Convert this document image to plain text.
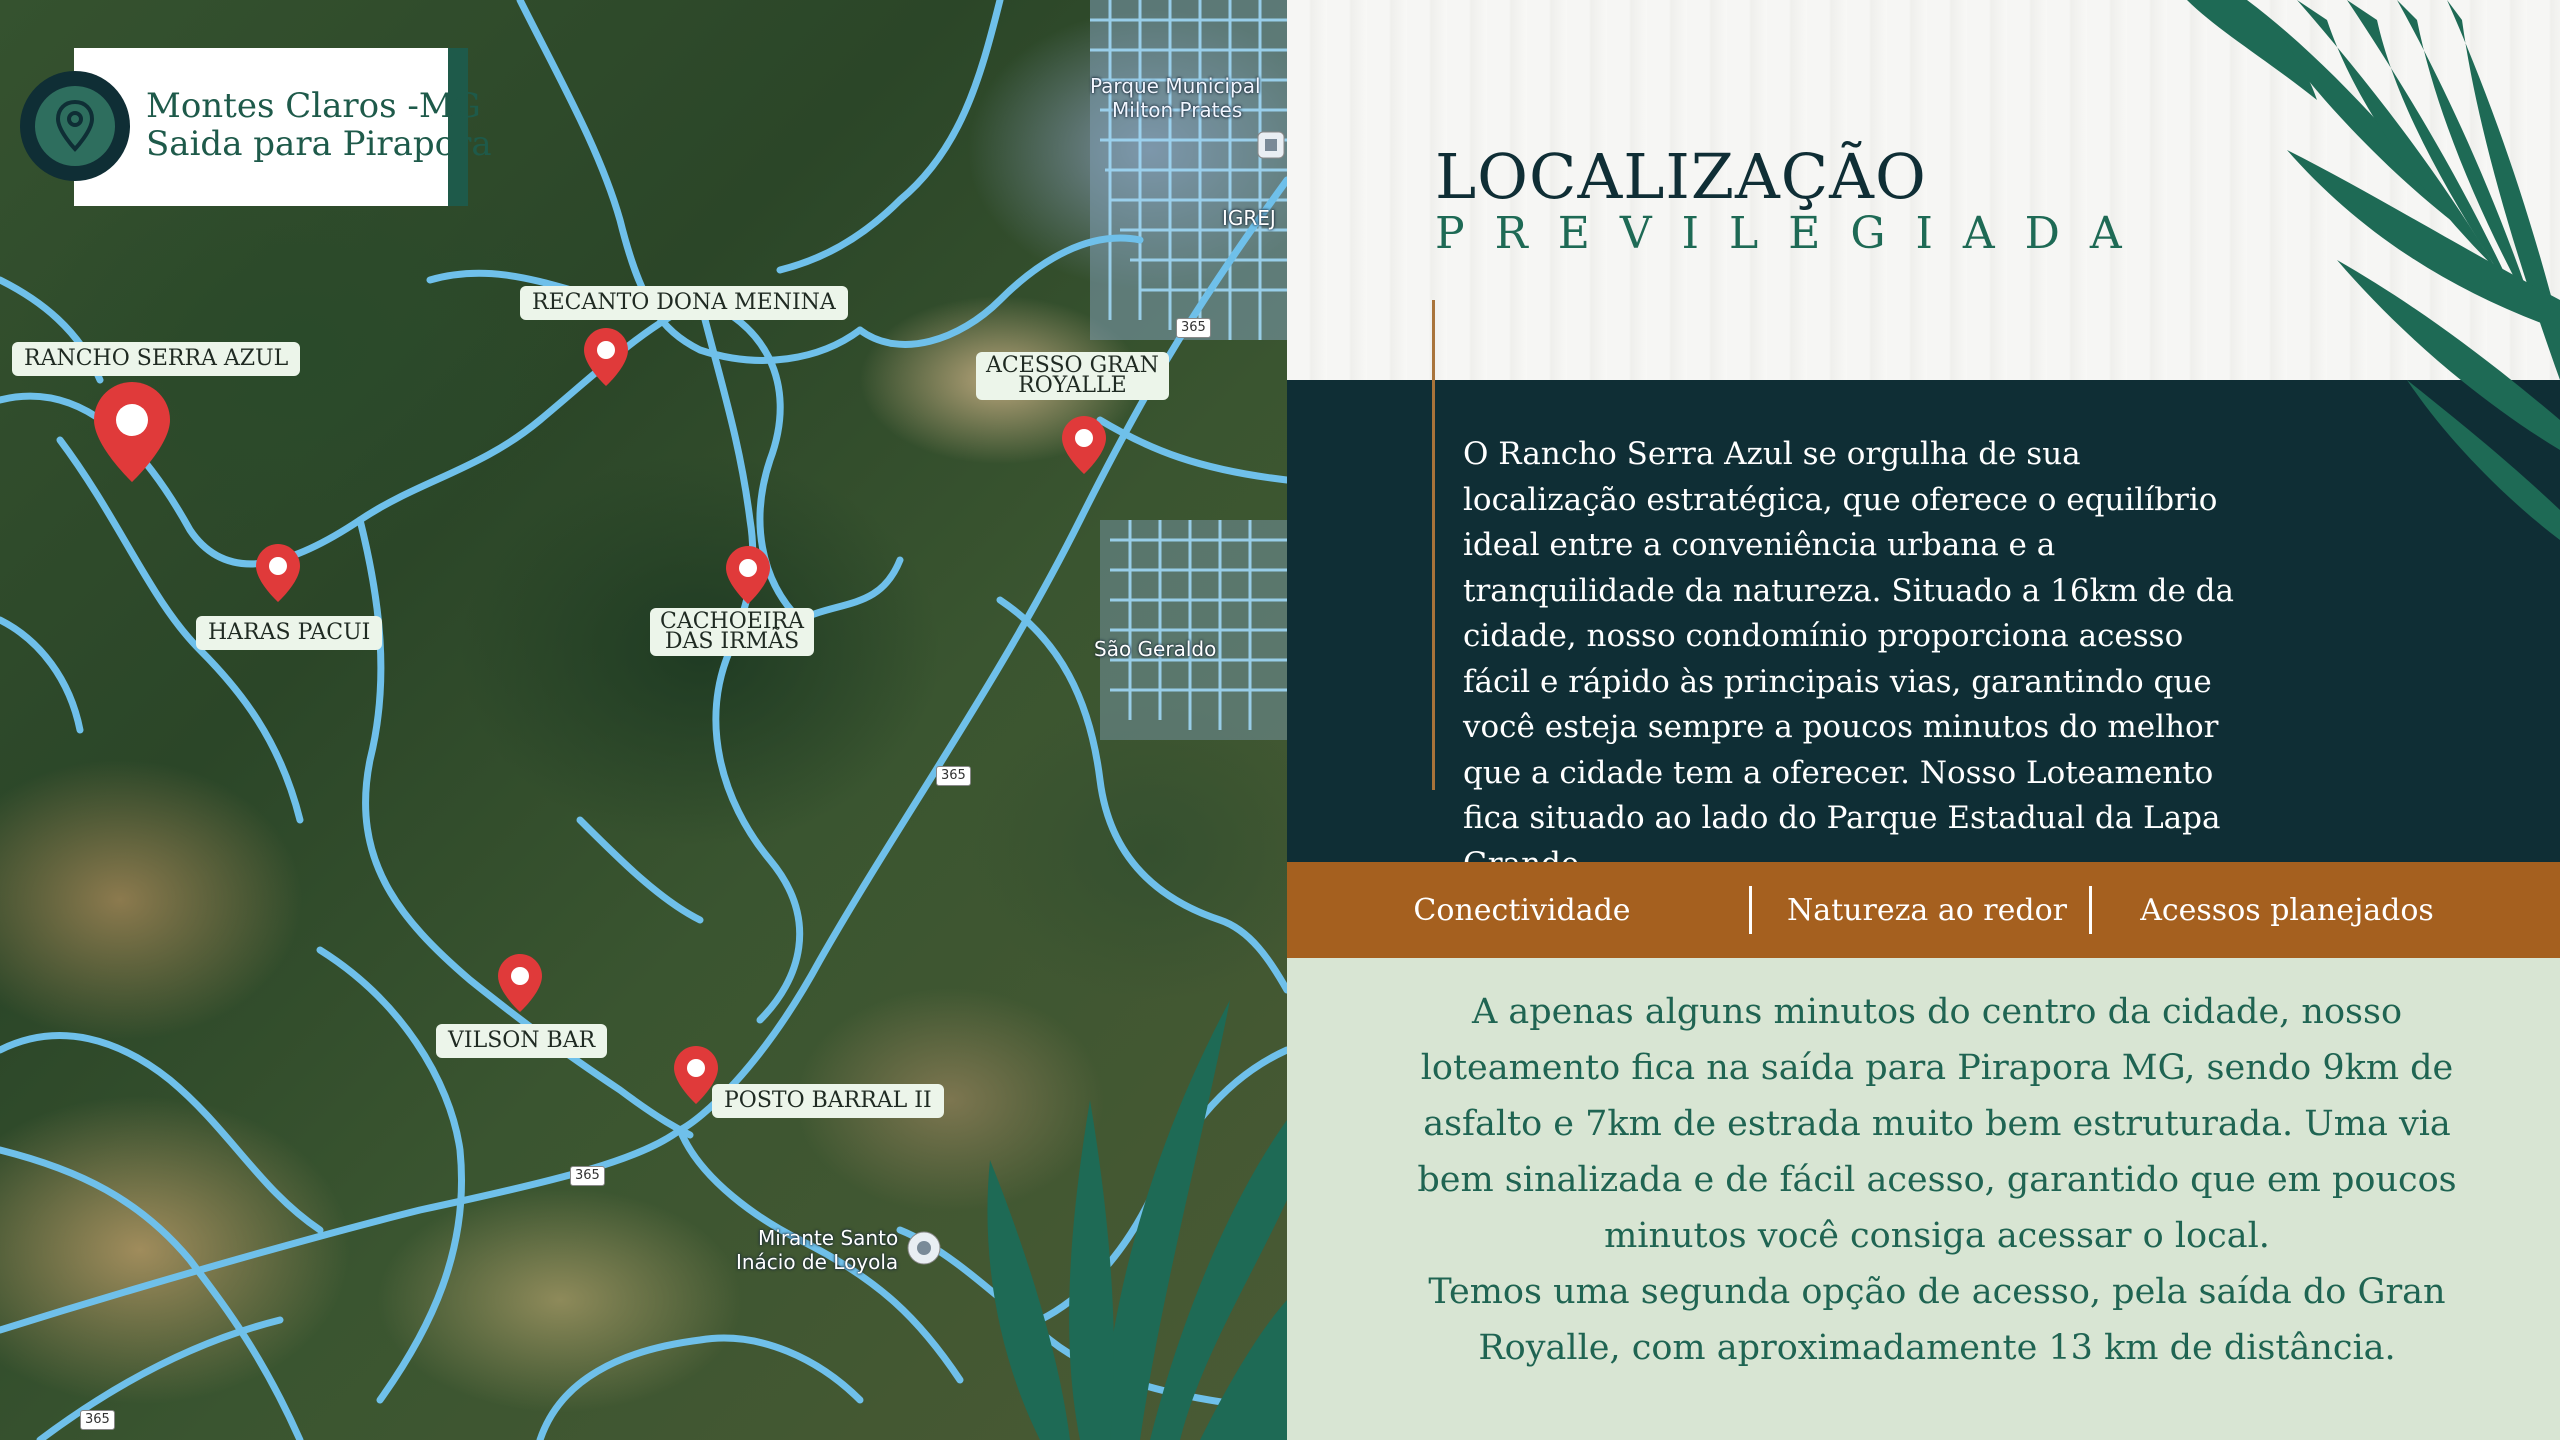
Montes Claros -MG
Saida para Pirapora
Parque Municipal
Milton Prates
IGREJ
São Geraldo
Mirante Santo
Inácio de Loyola
365
365
365
365
RANCHO SERRA AZUL
RECANTO DONA MENINA
ACESSO GRAN
ROYALLE
HARAS PACUI	CACHOEIRA
DAS IRMÃS
VILSON BAR
POSTO BARRAL II
LOCALIZAÇÃO
PREVILEGIADA

O Rancho Serra Azul se orgulha de sua localização estratégica, que oferece o equilíbrio ideal entre a conveniência urbana e a tranquilidade da natureza. Situado a 16km de da cidade, nosso condomínio proporciona acesso fácil e rápido às principais vias, garantindo que você esteja sempre a poucos minutos do melhor que a cidade tem a oferecer. Nosso Loteamento fica situado ao lado do Parque Estadual da Lapa

Conectividade	Natureza ao redor	Acessos planejados
A apenas alguns minutos do centro da cidade, nosso loteamento fica na saída para Pirapora MG, sendo 9km de asfalto e 7km de estrada muito bem estruturada. Uma via bem sinalizada e de fácil acesso, garantido que em poucos minutos você consiga acessar o local.
Temos uma segunda opção de acesso, pela saída do Gran Royalle, com aproximadamente 13 km de distância.
